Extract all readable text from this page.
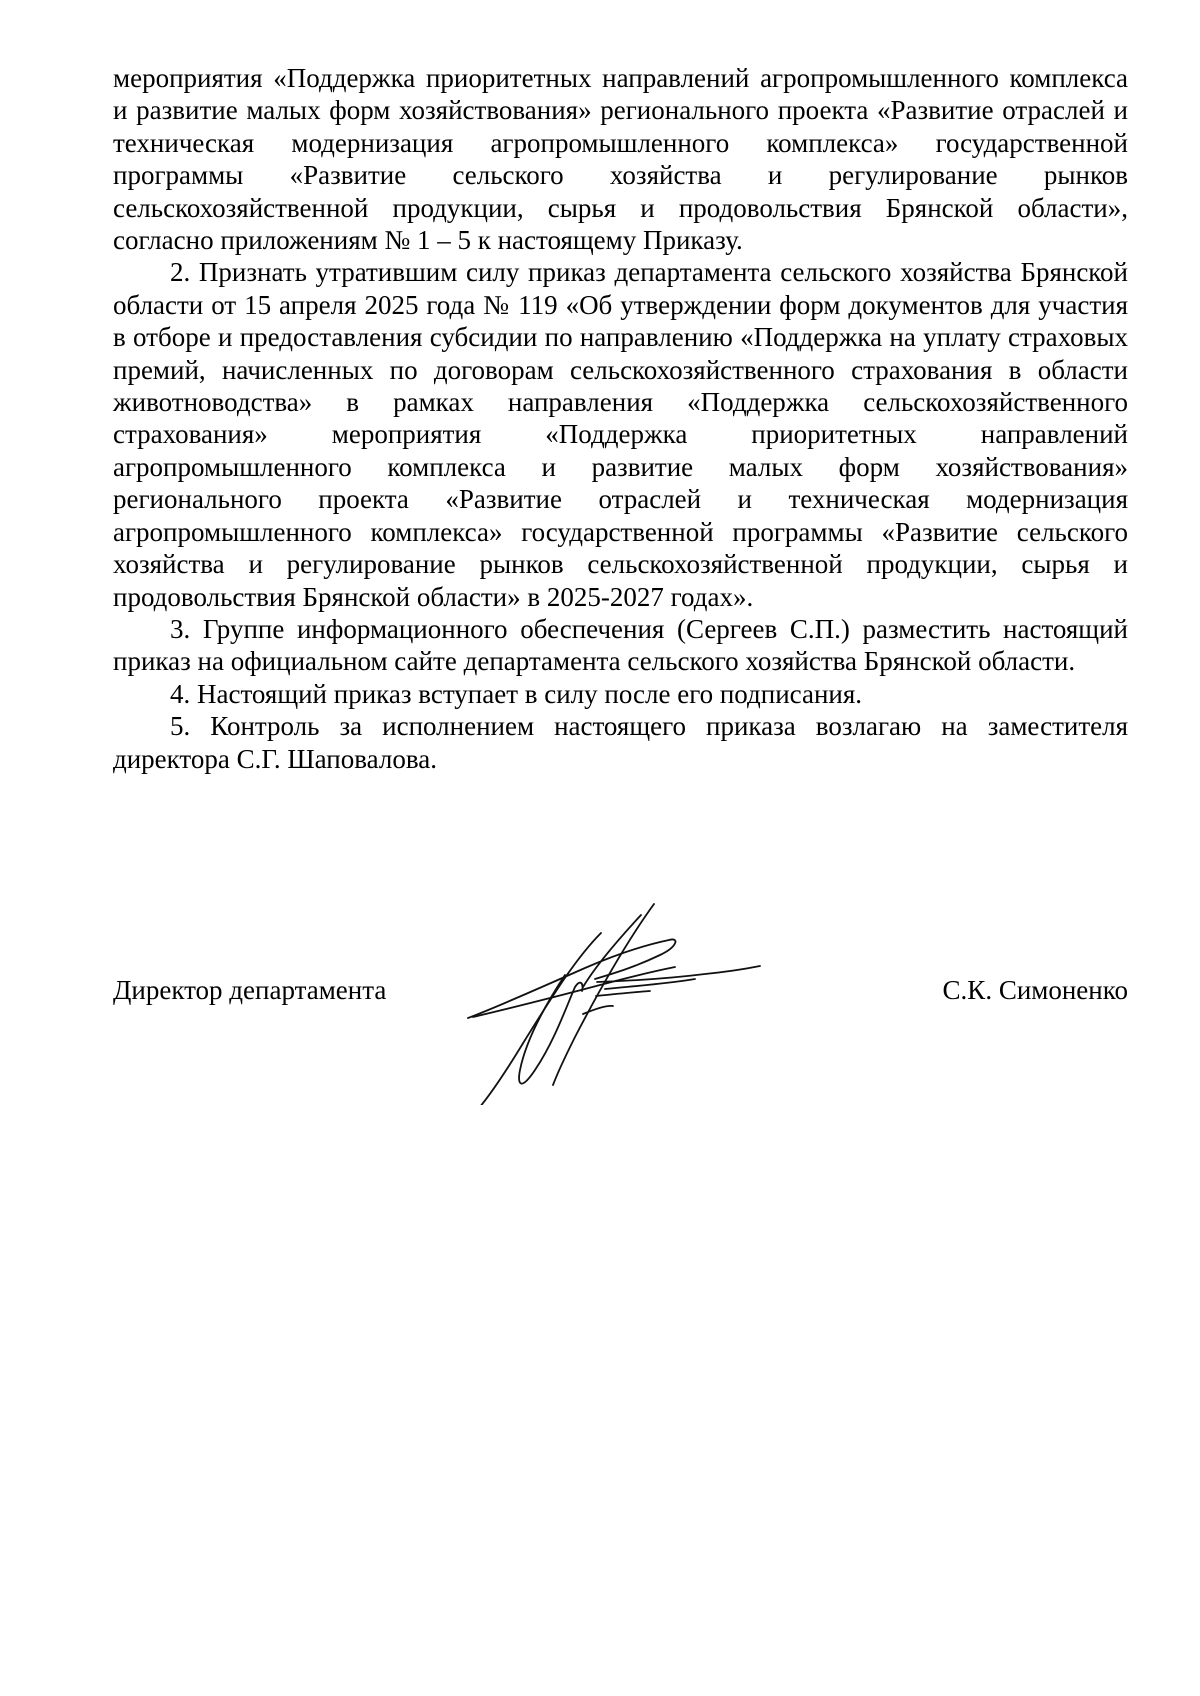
мероприятия «Поддержка приоритетных направлений агропромышленного комплекса и развитие малых форм хозяйствования» регионального проекта «Развитие отраслей и техническая модернизация агропромышленного комплекса» государственной программы «Развитие сельского хозяйства и регулирование рынков сельскохозяйственной продукции, сырья и продовольствия Брянской области», согласно приложениям № 1 – 5 к настоящему Приказу.

2. Признать утратившим силу приказ департамента сельского хозяйства Брянской области от 15 апреля 2025 года № 119 «Об утверждении форм документов для участия в отборе и предоставления субсидии по направлению «Поддержка на уплату страховых премий, начисленных по договорам сельскохозяйственного страхования в области животноводства» в рамках направления «Поддержка сельскохозяйственного страхования» мероприятия «Поддержка приоритетных направлений агропромышленного комплекса и развитие малых форм хозяйствования» регионального проекта «Развитие отраслей и техническая модернизация агропромышленного комплекса» государственной программы «Развитие сельского хозяйства и регулирование рынков сельскохозяйственной продукции, сырья и продовольствия Брянской области» в 2025-2027 годах».

3. Группе информационного обеспечения (Сергеев С.П.) разместить настоящий приказ на официальном сайте департамента сельского хозяйства Брянской области.

4. Настоящий приказ вступает в силу после его подписания.

5. Контроль за исполнением настоящего приказа возлагаю на заместителя директора С.Г. Шаповалова.

Директор департамента	С.К. Симоненко
